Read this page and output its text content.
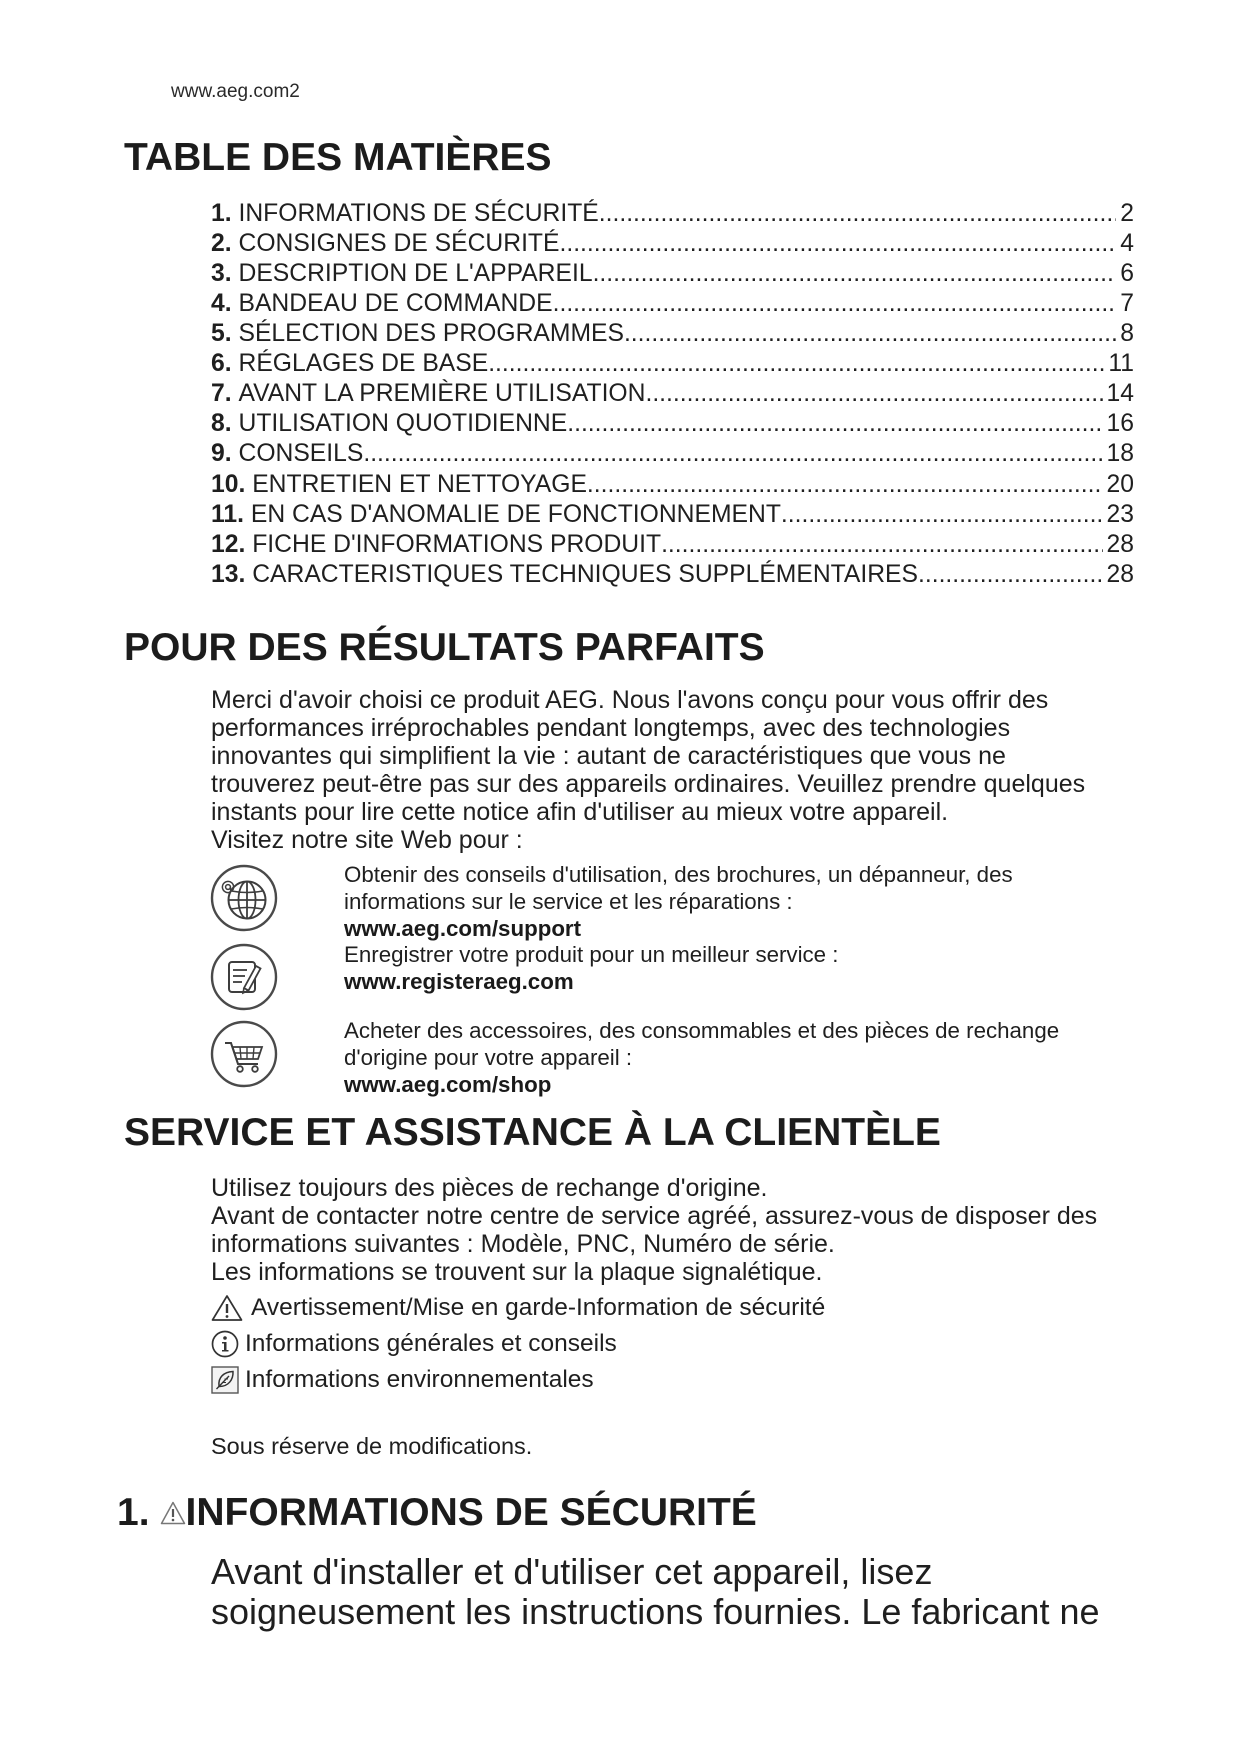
www.aeg.com2
TABLE DES MATIÈRES
1. INFORMATIONS DE SÉCURITÉ .....	2
2. CONSIGNES DE SÉCURITÉ .....	4
3. DESCRIPTION DE L'APPAREIL .....	6
4. BANDEAU DE COMMANDE .....	7
5. SÉLECTION DES PROGRAMMES .....	8
6. RÉGLAGES DE BASE .....	11
7. AVANT LA PREMIÈRE UTILISATION .....	14
8. UTILISATION QUOTIDIENNE .....	16
9. CONSEILS .....	18
10. ENTRETIEN ET NETTOYAGE .....	20
11. EN CAS D'ANOMALIE DE FONCTIONNEMENT .....	23
12. FICHE D'INFORMATIONS PRODUIT .....	28
13. CARACTERISTIQUES TECHNIQUES SUPPLÉMENTAIRES .....	28
POUR DES RÉSULTATS PARFAITS
Merci d'avoir choisi ce produit AEG. Nous l'avons conçu pour vous offrir des
performances irréprochables pendant longtemps, avec des technologies
innovantes qui simplifient la vie : autant de caractéristiques que vous ne
trouverez peut-être pas sur des appareils ordinaires. Veuillez prendre quelques
instants pour lire cette notice afin d'utiliser au mieux votre appareil.
Visitez notre site Web pour :
Obtenir des conseils d'utilisation, des brochures, un dépanneur, des
informations sur le service et les réparations :
www.aeg.com/support
Enregistrer votre produit pour un meilleur service :
www.registeraeg.com
Acheter des accessoires, des consommables et des pièces de rechange
d'origine pour votre appareil :
www.aeg.com/shop
SERVICE ET ASSISTANCE À LA CLIENTÈLE
Utilisez toujours des pièces de rechange d'origine.
Avant de contacter notre centre de service agréé, assurez-vous de disposer des
informations suivantes : Modèle, PNC, Numéro de série.
Les informations se trouvent sur la plaque signalétique.
Avertissement/Mise en garde-Information de sécurité
Informations générales et conseils
Informations environnementales
Sous réserve de modifications.
1. INFORMATIONS DE SÉCURITÉ
Avant d'installer et d'utiliser cet appareil, lisez
soigneusement les instructions fournies. Le fabricant ne
